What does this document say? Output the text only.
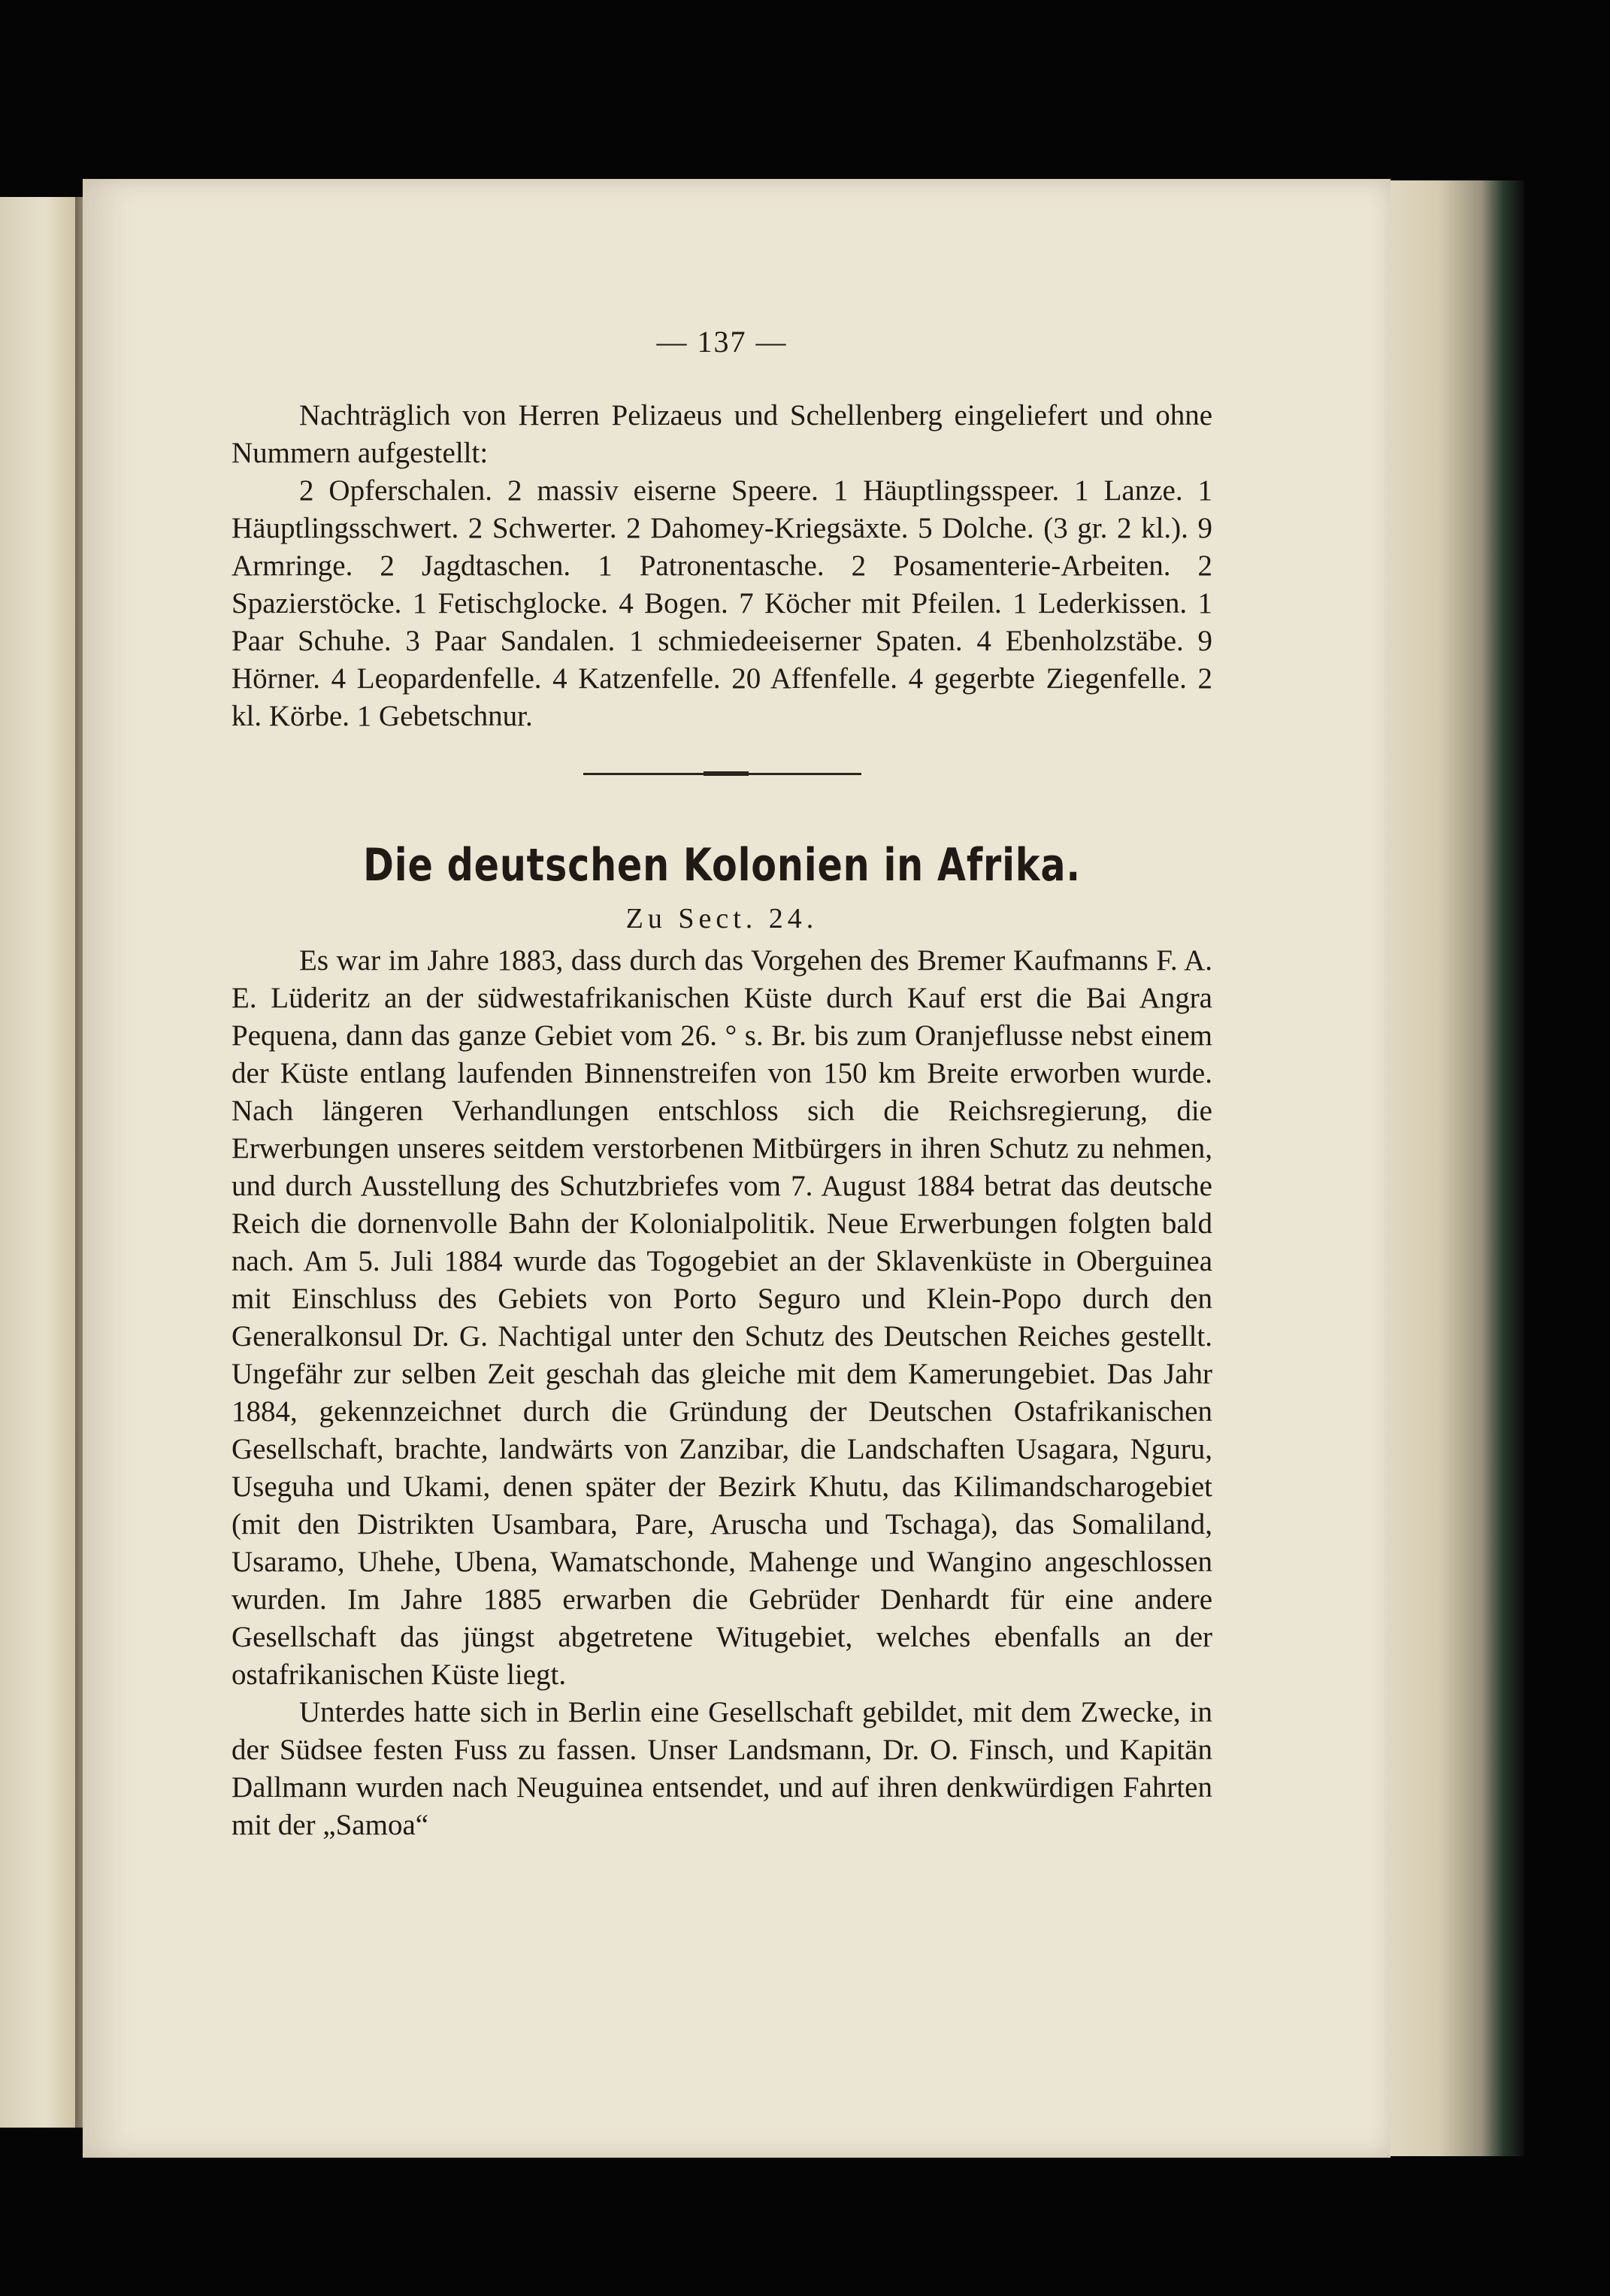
— 137 —

Nachträglich von Herren Pelizaeus und Schellenberg eingeliefert und ohne Nummern aufgestellt:

2 Opferschalen. 2 massiv eiserne Speere. 1 Häuptlingsspeer. 1 Lanze. 1 Häuptlingsschwert. 2 Schwerter. 2 Dahomey-Kriegsäxte. 5 Dolche. (3 gr. 2 kl.). 9 Armringe. 2 Jagdtaschen. 1 Patronentasche. 2 Posamenterie-Arbeiten. 2 Spazierstöcke. 1 Fetischglocke. 4 Bogen. 7 Köcher mit Pfeilen. 1 Lederkissen. 1 Paar Schuhe. 3 Paar Sandalen. 1 schmiedeeiserner Spaten. 4 Ebenholzstäbe. 9 Hörner. 4 Leopardenfelle. 4 Katzenfelle. 20 Affenfelle. 4 gegerbte Ziegenfelle. 2 kl. Körbe. 1 Gebetschnur.

Die deutschen Kolonien in Afrika.
Zu Sect. 24.

Es war im Jahre 1883, dass durch das Vorgehen des Bremer Kaufmanns F. A. E. Lüderitz an der südwestafrikanischen Küste durch Kauf erst die Bai Angra Pequena, dann das ganze Gebiet vom 26. ° s. Br. bis zum Oranjeflusse nebst einem der Küste entlang laufenden Binnenstreifen von 150 km Breite erworben wurde. Nach längeren Verhandlungen entschloss sich die Reichsregierung, die Erwerbungen unseres seitdem verstorbenen Mitbürgers in ihren Schutz zu nehmen, und durch Ausstellung des Schutzbriefes vom 7. August 1884 betrat das deutsche Reich die dornenvolle Bahn der Kolonialpolitik. Neue Erwerbungen folgten bald nach. Am 5. Juli 1884 wurde das Togogebiet an der Sklavenküste in Oberguinea mit Einschluss des Gebiets von Porto Seguro und Klein-Popo durch den Generalkonsul Dr. G. Nachtigal unter den Schutz des Deutschen Reiches gestellt. Ungefähr zur selben Zeit geschah das gleiche mit dem Kamerungebiet. Das Jahr 1884, gekennzeichnet durch die Gründung der Deutschen Ostafrikanischen Gesellschaft, brachte, landwärts von Zanzibar, die Landschaften Usagara, Nguru, Useguha und Ukami, denen später der Bezirk Khutu, das Kilimandscharogebiet (mit den Distrikten Usambara, Pare, Aruscha und Tschaga), das Somaliland, Usaramo, Uhehe, Ubena, Wamatschonde, Mahenge und Wangino angeschlossen wurden. Im Jahre 1885 erwarben die Gebrüder Denhardt für eine andere Gesellschaft das jüngst abgetretene Witugebiet, welches ebenfalls an der ostafrikanischen Küste liegt.

Unterdes hatte sich in Berlin eine Gesellschaft gebildet, mit dem Zwecke, in der Südsee festen Fuss zu fassen. Unser Landsmann, Dr. O. Finsch, und Kapitän Dallmann wurden nach Neuguinea entsendet, und auf ihren denkwürdigen Fahrten mit der „Samoa“
